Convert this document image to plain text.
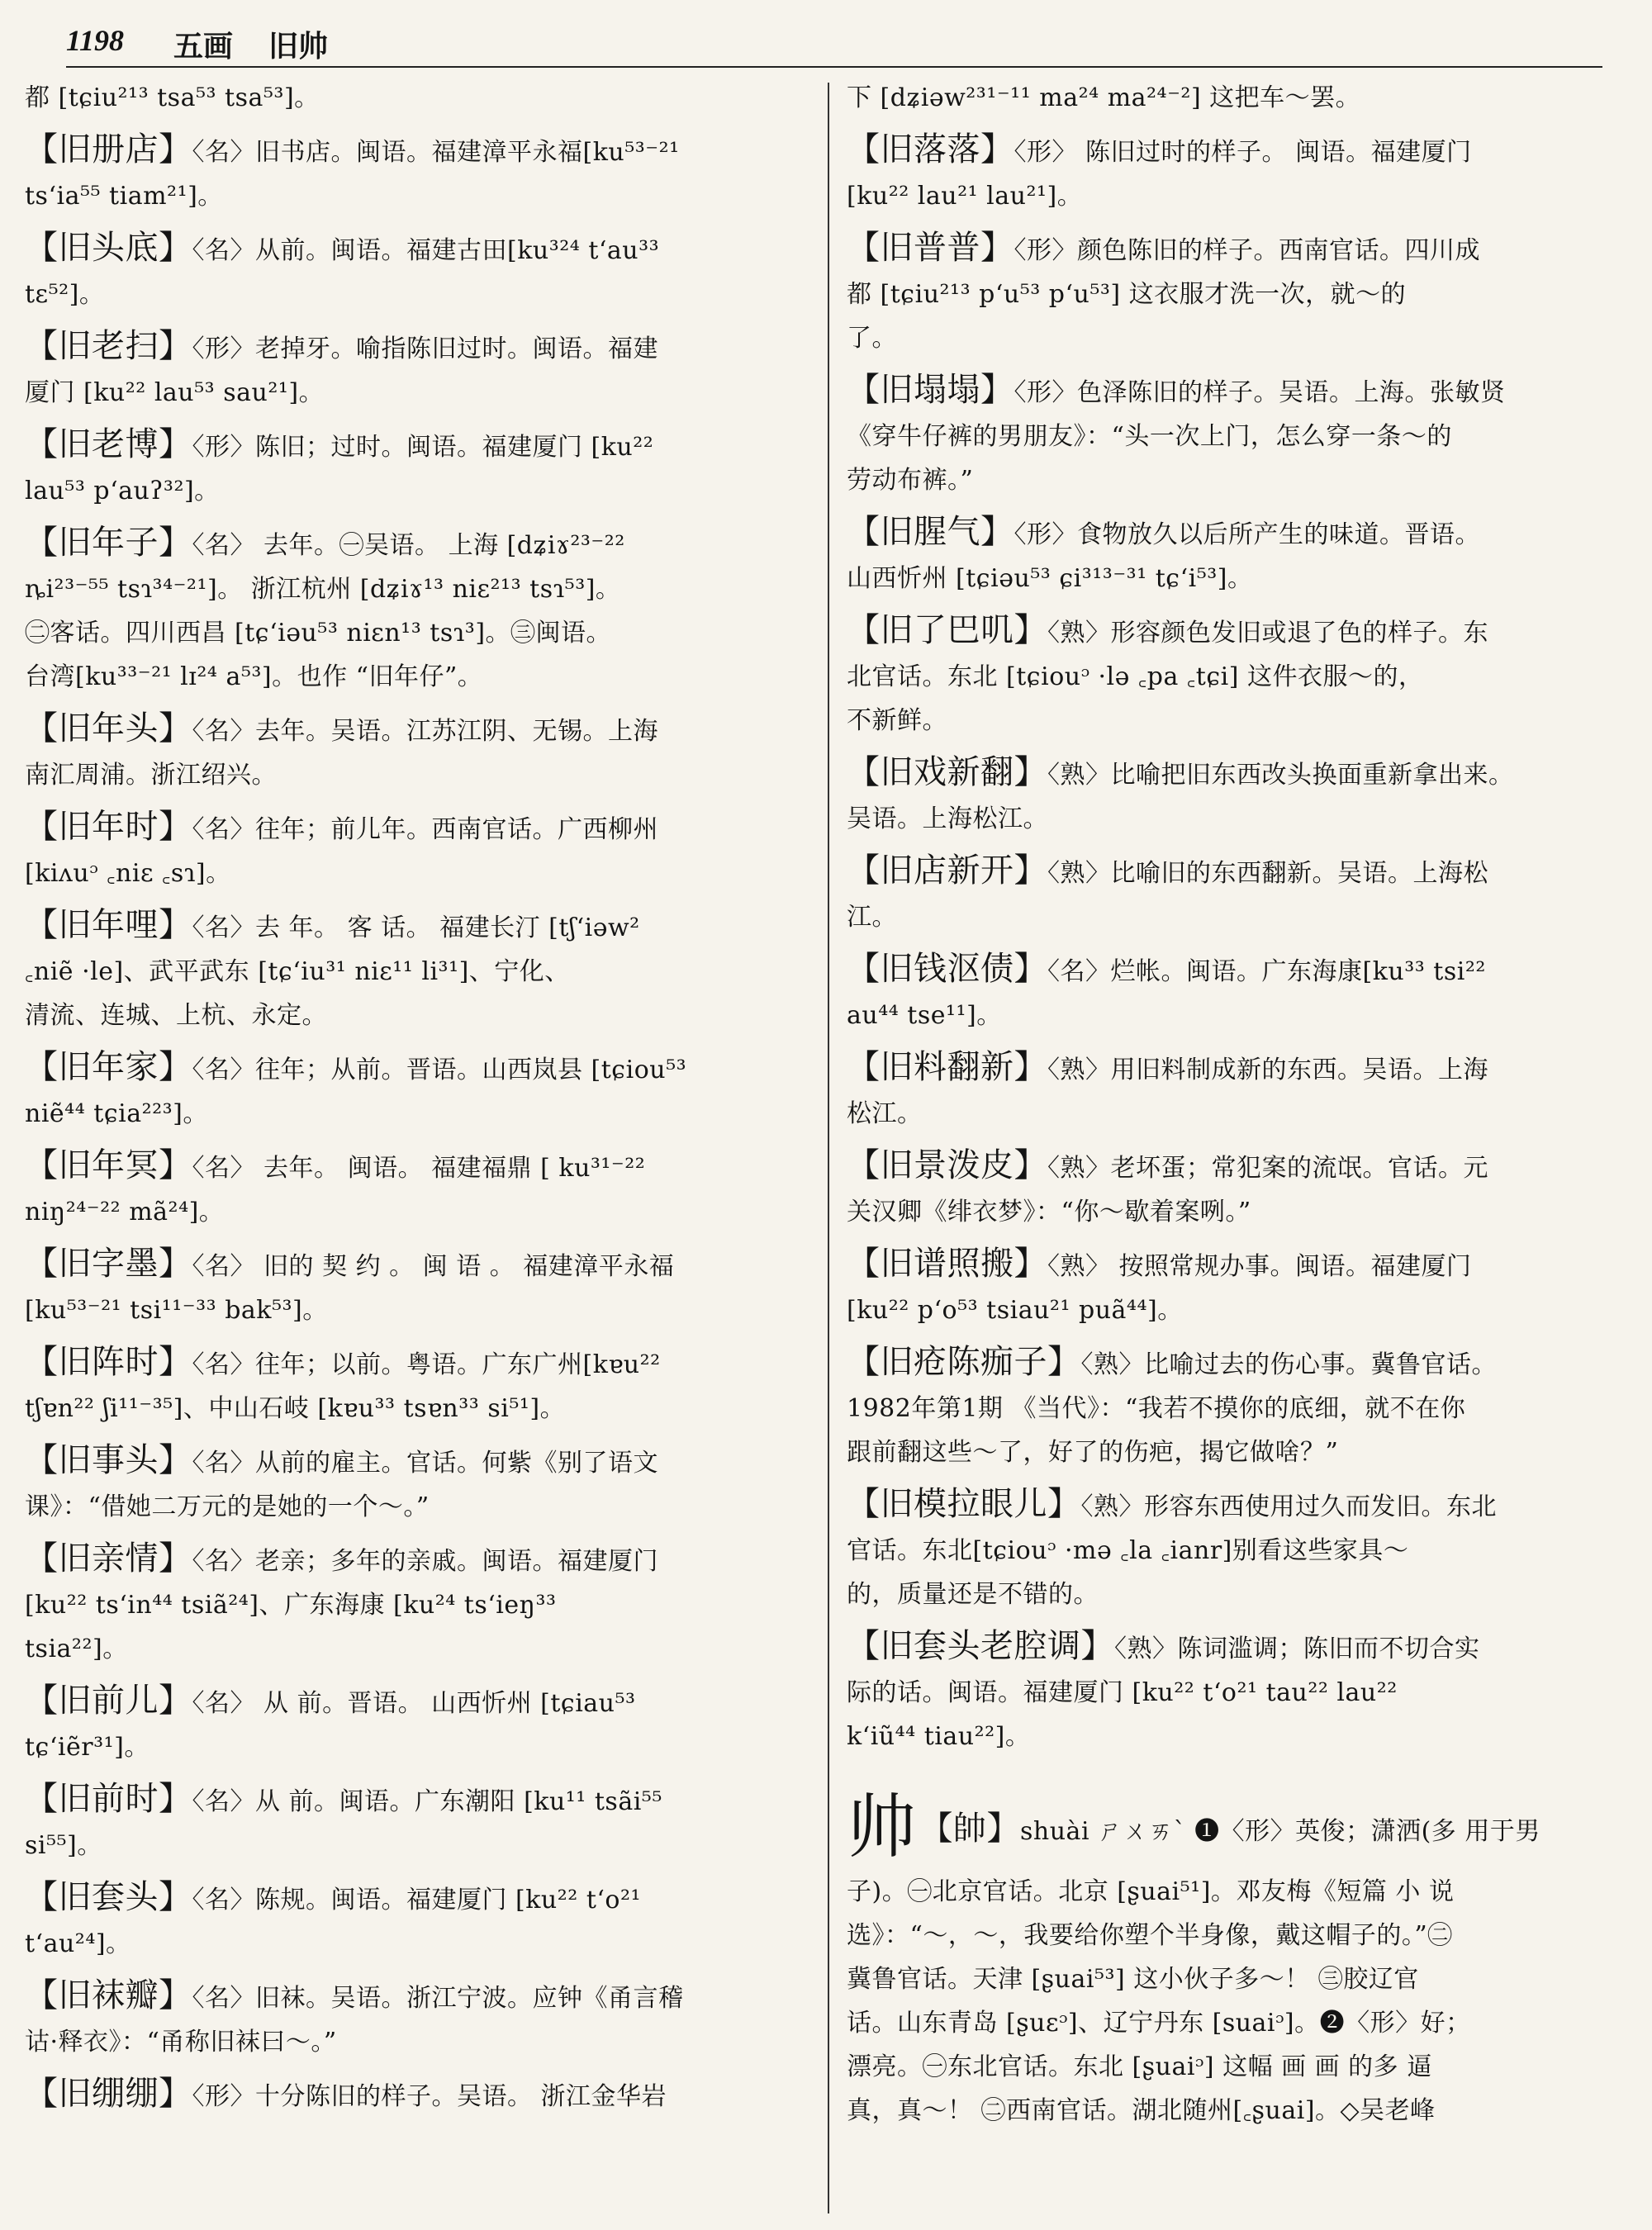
1198 五画 旧帅
都 [tɕiu²¹³ tsa⁵³ tsa⁵³]。
【旧册店】〈名〉旧书店。闽语。福建漳平永福[ku⁵³⁻²¹
ts‘ia⁵⁵ tiam²¹]。
【旧头底】〈名〉从前。闽语。福建古田[ku³²⁴ t‘au³³
tɛ⁵²]。
【旧老扫】〈形〉老掉牙。喻指陈旧过时。闽语。福建
厦门 [ku²² lau⁵³ sau²¹]。
【旧老博】〈形〉陈旧；过时。闽语。福建厦门 [ku²²
lau⁵³ p‘auʔ³²]。
【旧年子】〈名〉 去年。㊀吴语。 上海 [dʑiɤ²³⁻²²
ȵi²³⁻⁵⁵ tsɿ³⁴⁻²¹]。 浙江杭州 [dʑiɤ¹³ niɛ²¹³ tsɿ⁵³]。
㊁客话。四川西昌 [tɕ‘iəu⁵³ niɛn¹³ tsɿ³]。㊂闽语。
台湾[ku³³⁻²¹ lɪ²⁴ a⁵³]。也作 “旧年仔”。
【旧年头】〈名〉去年。吴语。江苏江阴、无锡。上海
南汇周浦。浙江绍兴。
【旧年时】〈名〉往年；前儿年。西南官话。广西柳州
[kiʌuᵓ ꜀niɛ ꜀sɿ]。
【旧年哩】〈名〉去 年。 客 话。 福建长汀 [tʃ‘iəw²
꜀niẽ ·le]、武平武东 [tɕ‘iu³¹ niɛ¹¹ li³¹]、宁化、
清流、连城、上杭、永定。
【旧年家】〈名〉往年；从前。晋语。山西岚县 [tɕiou⁵³
niẽ⁴⁴ tɕia²²³]。
【旧年冥】〈名〉 去年。 闽语。 福建福鼎 [ ku³¹⁻²²
niŋ²⁴⁻²² mã²⁴]。
【旧字墨】〈名〉 旧的 契 约 。 闽 语 。 福建漳平永福
[ku⁵³⁻²¹ tsi¹¹⁻³³ bak⁵³]。
【旧阵时】〈名〉往年；以前。粤语。广东广州[kɐu²²
tʃɐn²² ʃi¹¹⁻³⁵]、中山石岐 [kɐu³³ tsɐn³³ si⁵¹]。
【旧事头】〈名〉从前的雇主。官话。何紫《别了语文
课》：“借她二万元的是她的一个～。”
【旧亲情】〈名〉老亲；多年的亲戚。闽语。福建厦门
[ku²² ts‘in⁴⁴ tsiã²⁴]、广东海康 [ku²⁴ ts‘ieŋ³³
tsia²²]。
【旧前儿】〈名〉 从 前。晋语。 山西忻州 [tɕiau⁵³
tɕ‘iẽr³¹]。
【旧前时】〈名〉从 前。闽语。广东潮阳 [ku¹¹ tsãi⁵⁵
si⁵⁵]。
【旧套头】〈名〉陈规。闽语。福建厦门 [ku²² t‘o²¹
t‘au²⁴]。
【旧袜瓣】〈名〉旧袜。吴语。浙江宁波。应钟《甬言稽
诂·释衣》：“甬称旧袜曰～。”
【旧绷绷】〈形〉十分陈旧的样子。吴语。 浙江金华岩
下 [dʑiəw²³¹⁻¹¹ ma²⁴ ma²⁴⁻²] 这把车～罢。
【旧落落】〈形〉 陈旧过时的样子。 闽语。福建厦门
[ku²² lau²¹ lau²¹]。
【旧普普】〈形〉颜色陈旧的样子。西南官话。四川成
都 [tɕiu²¹³ p‘u⁵³ p‘u⁵³] 这衣服才洗一次，就～的
了。
【旧塌塌】〈形〉色泽陈旧的样子。吴语。上海。张敏贤
《穿牛仔裤的男朋友》：“头一次上门，怎么穿一条～的
劳动布裤。”
【旧腥气】〈形〉食物放久以后所产生的味道。晋语。
山西忻州 [tɕiəu⁵³ ɕi³¹³⁻³¹ tɕ‘i⁵³]。
【旧了巴叽】〈熟〉形容颜色发旧或退了色的样子。东
北官话。东北 [tɕiouᵓ ·lə ꜀pa ꜀tɕi] 这件衣服～的，
不新鲜。
【旧戏新翻】〈熟〉比喻把旧东西改头换面重新拿出来。
吴语。上海松江。
【旧店新开】〈熟〉比喻旧的东西翻新。吴语。上海松
江。
【旧钱沤债】〈名〉烂帐。闽语。广东海康[ku³³ tsi²²
au⁴⁴ tse¹¹]。
【旧料翻新】〈熟〉用旧料制成新的东西。吴语。上海
松江。
【旧景泼皮】〈熟〉老坏蛋；常犯案的流氓。官话。元
关汉卿《绯衣梦》：“你～歇着案咧。”
【旧谱照搬】〈熟〉 按照常规办事。闽语。福建厦门
[ku²² p‘o⁵³ tsiau²¹ puã⁴⁴]。
【旧疮陈痂子】〈熟〉比喻过去的伤心事。冀鲁官话。
1982年第1期 《当代》：“我若不摸你的底细，就不在你
跟前翻这些～了，好了的伤疤，揭它做啥？”
【旧模拉眼儿】〈熟〉形容东西使用过久而发旧。东北
官话。东北[tɕiouᵓ ·mə ꜀la ꜀ianr]别看这些家具～
的，质量还是不错的。
【旧套头老腔调】〈熟〉陈词滥调；陈旧而不切合实
际的话。闽语。福建厦门 [ku²² t‘o²¹ tau²² lau²²
k‘iũ⁴⁴ tiau²²]。
帅 【帥】shuài ㄕㄨㄞˋ ❶〈形〉英俊；潇洒(多 用于男
子)。㊀北京官话。北京 [ʂuai⁵¹]。邓友梅《短篇 小 说
选》：“～，～，我要给你塑个半身像，戴这帽子的。”㊁
冀鲁官话。天津 [ʂuai⁵³] 这小伙子多～！ ㊂胶辽官
话。山东青岛 [ʂuɛᵓ]、辽宁丹东 [suaiᵓ]。❷〈形〉好；
漂亮。㊀东北官话。东北 [ʂuaiᵓ] 这幅 画 画 的多 逼
真，真～！ ㊁西南官话。湖北随州[꜀ʂuai]。◇吴老峰
